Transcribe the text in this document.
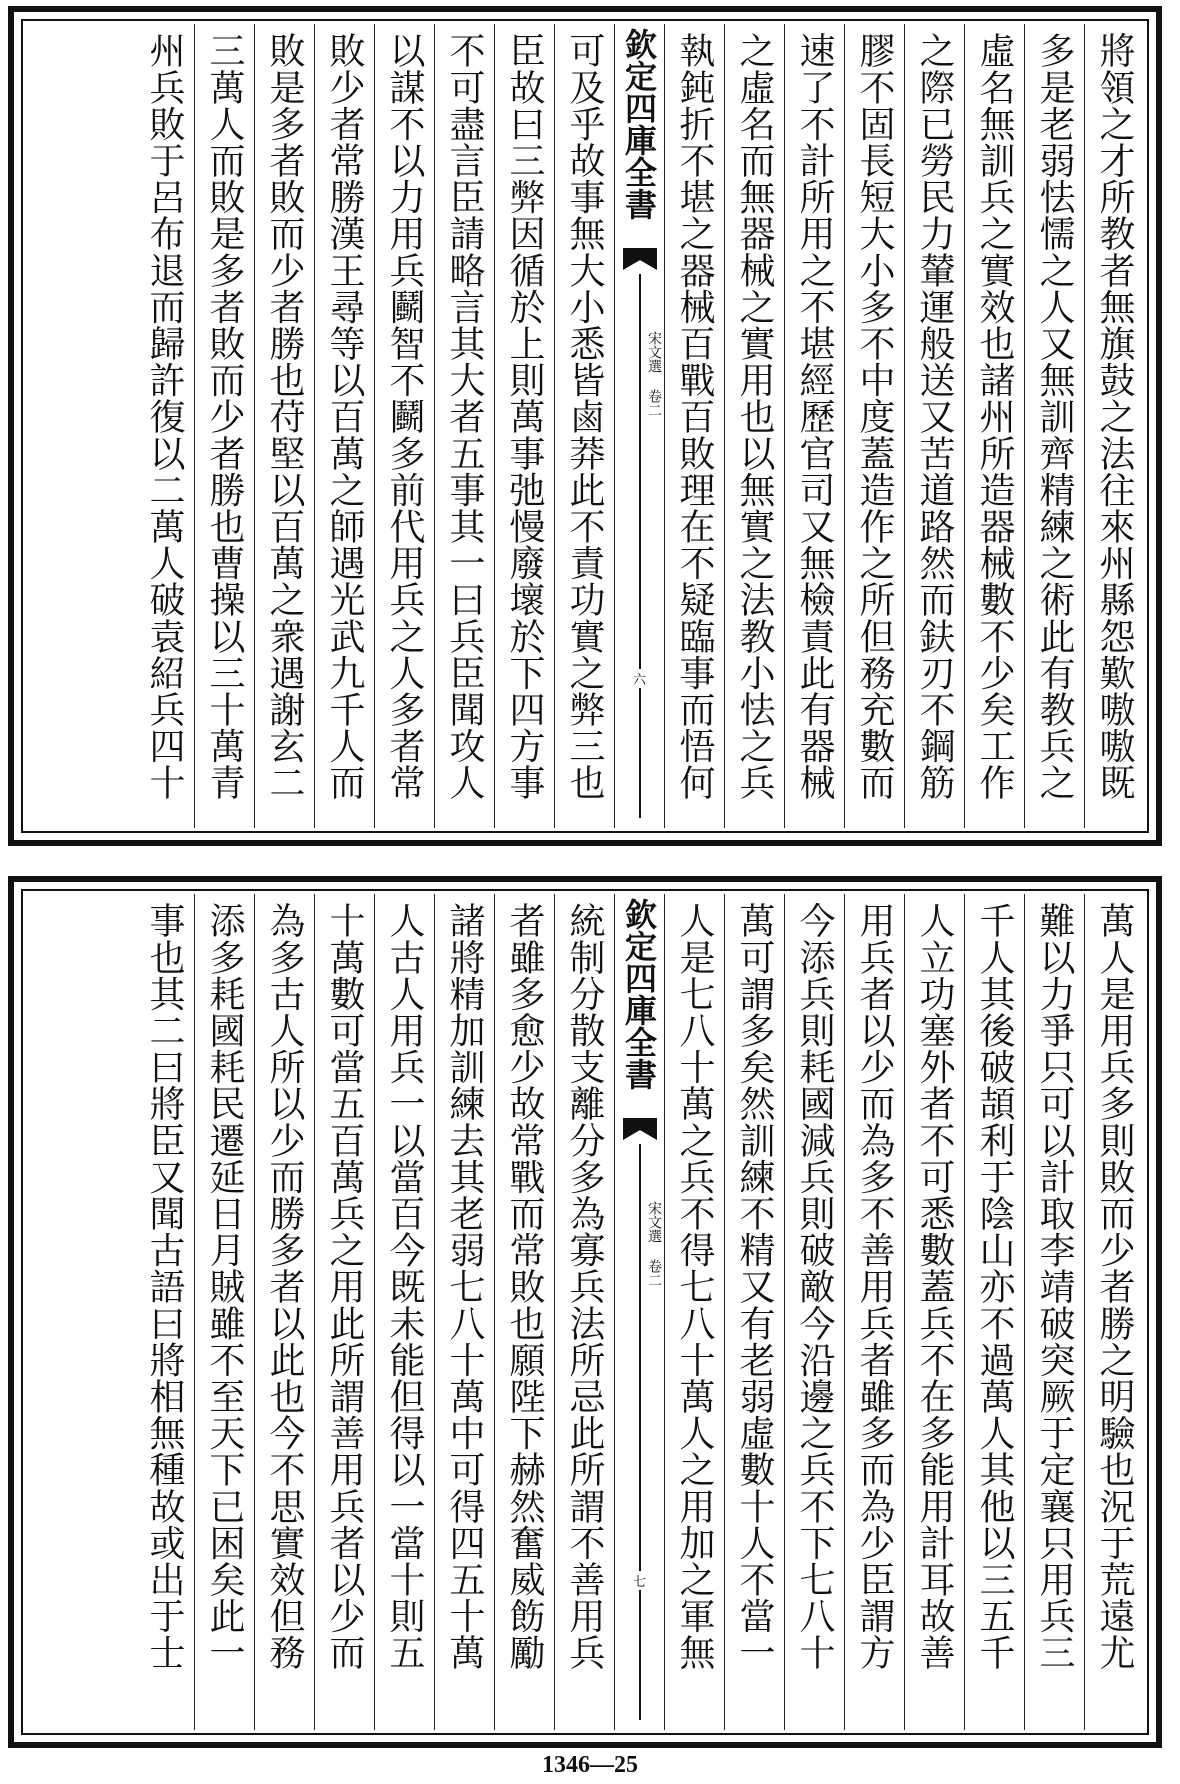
將領之才所教者無旗鼓之法往來州縣怨歎嗷嗷既
多是老弱怯懦之人又無訓齊精練之術此有教兵之
虛名無訓兵之實效也諸州所造器械數不少矣工作
之際已勞民力輦運般送又苦道路然而鈇刃不鋼筋
膠不固長短大小多不中度蓋造作之所但務充數而
速了不計所用之不堪經歷官司又無檢責此有器械
之虛名而無器械之實用也以無實之法教小怯之兵
執鈍折不堪之器械百戰百敗理在不疑臨事而悟何
欽定四庫全書
宋文選 卷二
六
可及乎故事無大小悉皆鹵莽此不責功實之弊三也
臣故曰三弊因循於上則萬事弛慢廢壞於下四方事
不可盡言臣請略言其大者五事其一曰兵臣聞攻人
以謀不以力用兵鬬智不鬬多前代用兵之人多者常
敗少者常勝漢王尋等以百萬之師遇光武九千人而
敗是多者敗而少者勝也苻堅以百萬之衆遇謝玄二
三萬人而敗是多者敗而少者勝也曹操以三十萬青
州兵敗于呂布退而歸許復以二萬人破袁紹兵四十
萬人是用兵多則敗而少者勝之明驗也況于荒遠尤
難以力爭只可以計取李靖破突厥于定襄只用兵三
千人其後破頡利于陰山亦不過萬人其他以三五千
人立功塞外者不可悉數蓋兵不在多能用計耳故善
用兵者以少而為多不善用兵者雖多而為少臣謂方
今添兵則耗國減兵則破敵今沿邊之兵不下七八十
萬可謂多矣然訓練不精又有老弱虛數十人不當一
人是七八十萬之兵不得七八十萬人之用加之軍無
欽定四庫全書
宋文選 卷二
七
統制分散支離分多為寡兵法所忌此所謂不善用兵
者雖多愈少故常戰而常敗也願陛下赫然奮威飭勵
諸將精加訓練去其老弱七八十萬中可得四五十萬
人古人用兵一以當百今既未能但得以一當十則五
十萬數可當五百萬兵之用此所謂善用兵者以少而
為多古人所以少而勝多者以此也今不思實效但務
添多耗國耗民遷延日月賊雖不至天下已困矣此一
事也其二曰將臣又聞古語曰將相無種故或出于士
1346—25
